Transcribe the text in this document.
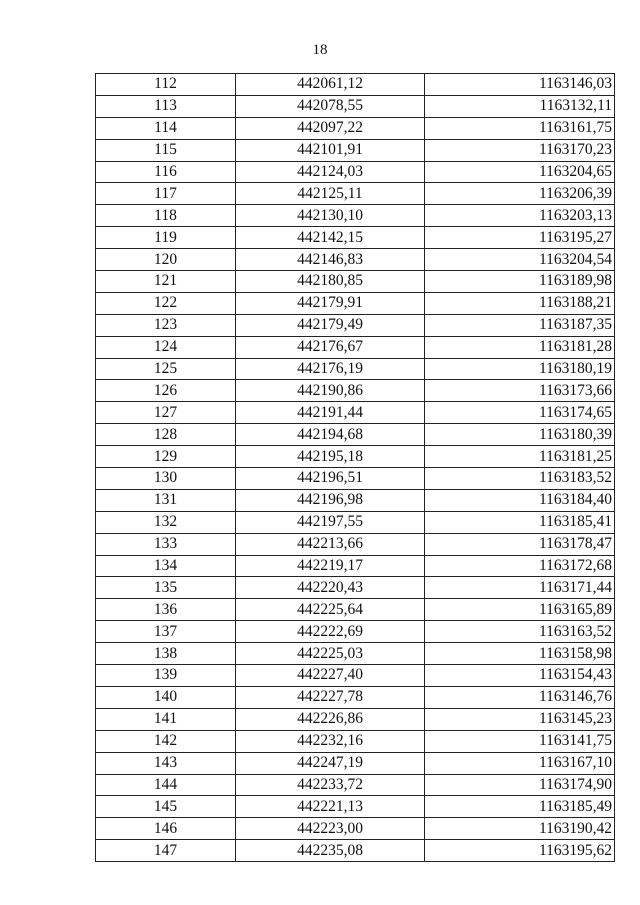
18
112	442061,12	1163146,03
113	442078,55	1163132,11
114	442097,22	1163161,75
115	442101,91	1163170,23
116	442124,03	1163204,65
117	442125,11	1163206,39
118	442130,10	1163203,13
119	442142,15	1163195,27
120	442146,83	1163204,54
121	442180,85	1163189,98
122	442179,91	1163188,21
123	442179,49	1163187,35
124	442176,67	1163181,28
125	442176,19	1163180,19
126	442190,86	1163173,66
127	442191,44	1163174,65
128	442194,68	1163180,39
129	442195,18	1163181,25
130	442196,51	1163183,52
131	442196,98	1163184,40
132	442197,55	1163185,41
133	442213,66	1163178,47
134	442219,17	1163172,68
135	442220,43	1163171,44
136	442225,64	1163165,89
137	442222,69	1163163,52
138	442225,03	1163158,98
139	442227,40	1163154,43
140	442227,78	1163146,76
141	442226,86	1163145,23
142	442232,16	1163141,75
143	442247,19	1163167,10
144	442233,72	1163174,90
145	442221,13	1163185,49
146	442223,00	1163190,42
147	442235,08	1163195,62
